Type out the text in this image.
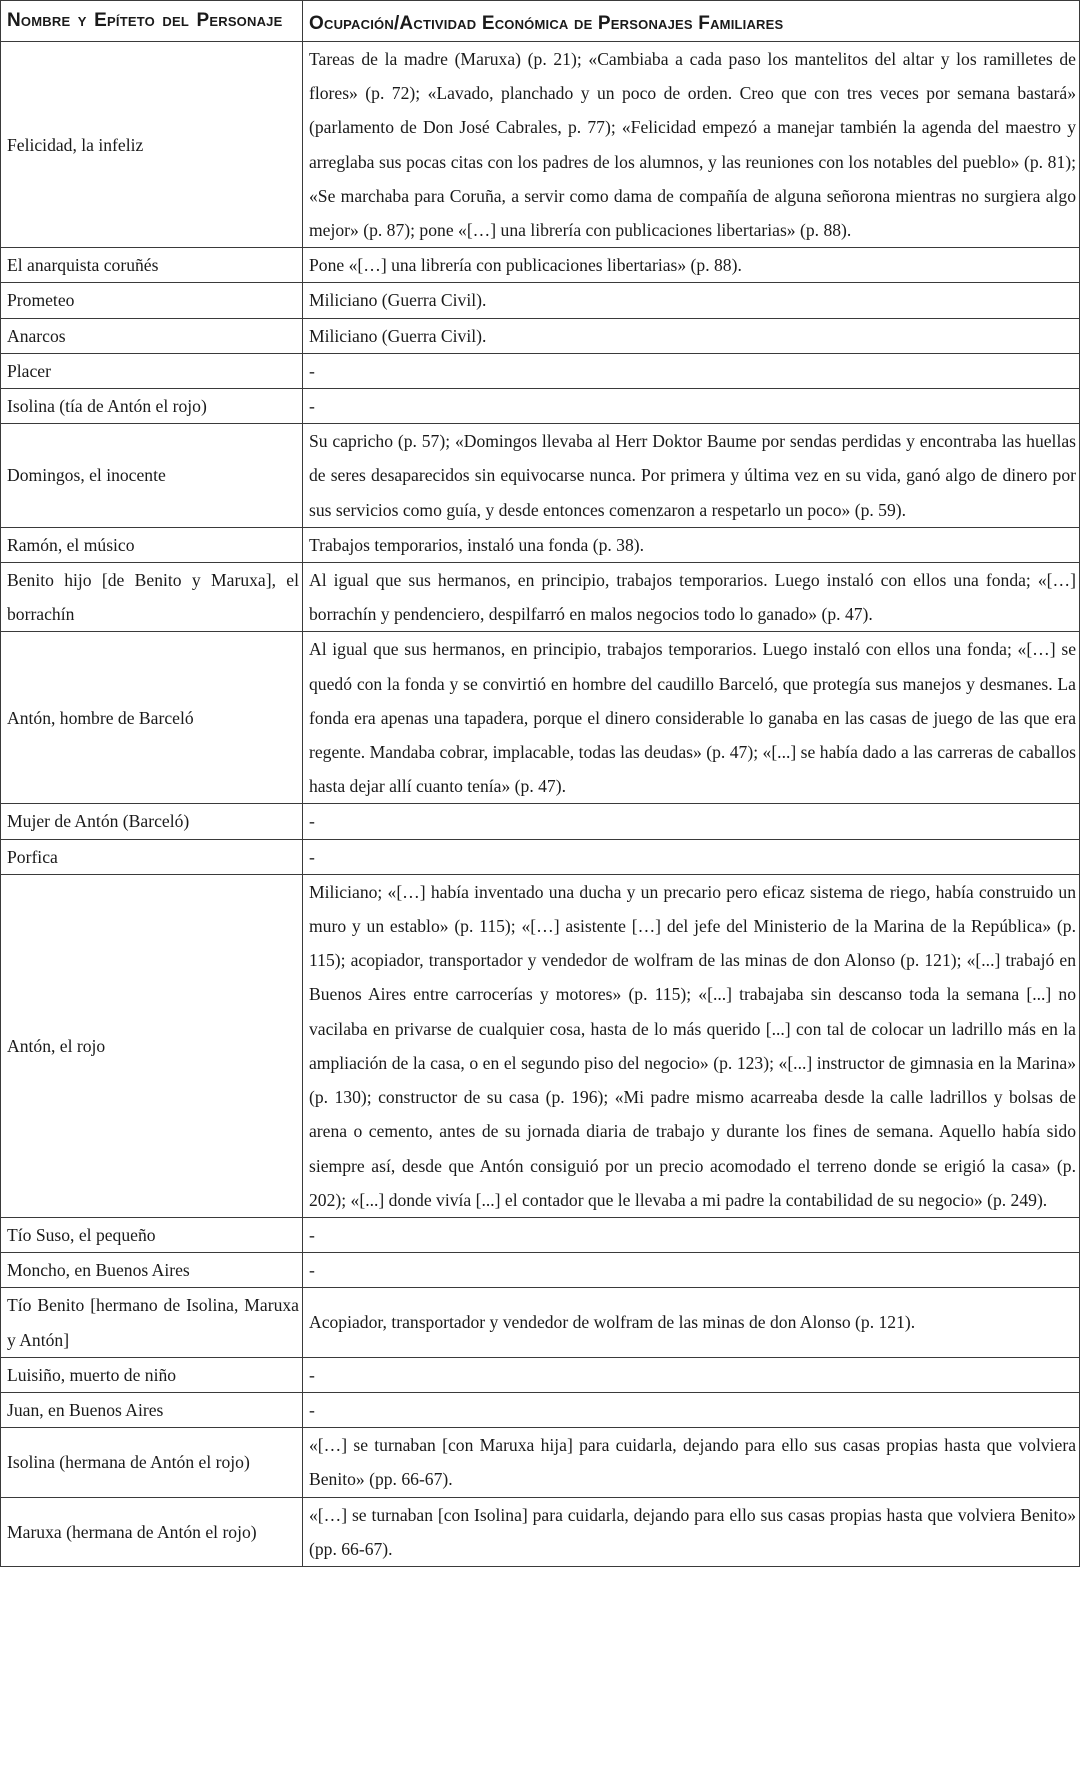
Nombre y Epíteto del Personaje	Ocupación/Actividad Económica de Personajes Familiares
Felicidad, la infeliz	Tareas de la madre (Maruxa) (p. 21); «Cambiaba a cada paso los mantelitos del altar y los ramilletes de flores» (p. 72); «Lavado, planchado y un poco de orden. Creo que con tres veces por semana bastará» (parlamento de Don José Cabrales, p. 77); «Felicidad empezó a manejar también la agenda del maestro y arreglaba sus pocas citas con los padres de los alumnos, y las reuniones con los notables del pueblo» (p. 81); «Se marchaba para Coruña, a servir como dama de compañía de alguna señorona mientras no surgiera algo mejor» (p. 87); pone «[…] una librería con publicaciones libertarias» (p. 88).
El anarquista coruñés	Pone «[…] una librería con publicaciones libertarias» (p. 88).
Prometeo	Miliciano (Guerra Civil).
Anarcos	Miliciano (Guerra Civil).
Placer	-
Isolina (tía de Antón el rojo)	-
Domingos, el inocente	Su capricho (p. 57); «Domingos llevaba al Herr Doktor Baume por sendas perdidas y encontraba las huellas de seres desaparecidos sin equivocarse nunca. Por primera y última vez en su vida, ganó algo de dinero por sus servicios como guía, y desde entonces comenzaron a respetarlo un poco» (p. 59).
Ramón, el músico	Trabajos temporarios, instaló una fonda (p. 38).
Benito hijo [de Benito y Maruxa], el borrachín	Al igual que sus hermanos, en principio, trabajos temporarios. Luego instaló con ellos una fonda; «[…] borrachín y pendenciero, despilfarró en malos negocios todo lo ganado» (p. 47).
Antón, hombre de Barceló	Al igual que sus hermanos, en principio, trabajos temporarios. Luego instaló con ellos una fonda; «[…] se quedó con la fonda y se convirtió en hombre del caudillo Barceló, que protegía sus manejos y desmanes. La fonda era apenas una tapadera, porque el dinero considerable lo ganaba en las casas de juego de las que era regente. Mandaba cobrar, implacable, todas las deudas» (p. 47); «[...] se había dado a las carreras de caballos hasta dejar allí cuanto tenía» (p. 47).
Mujer de Antón (Barceló)	-
Porfica	-
Antón, el rojo	Miliciano; «[…] había inventado una ducha y un precario pero eficaz sistema de riego, había construido un muro y un establo» (p. 115); «[…] asistente […] del jefe del Ministerio de la Marina de la República» (p. 115); acopiador, transportador y vendedor de wolfram de las minas de don Alonso (p. 121); «[...] trabajó en Buenos Aires entre carrocerías y motores» (p. 115); «[...] trabajaba sin descanso toda la semana [...] no vacilaba en privarse de cualquier cosa, hasta de lo más querido [...] con tal de colocar un ladrillo más en la ampliación de la casa, o en el segundo piso del negocio» (p. 123); «[...] instructor de gimnasia en la Marina» (p. 130); constructor de su casa (p. 196); «Mi padre mismo acarreaba desde la calle ladrillos y bolsas de arena o cemento, antes de su jornada diaria de trabajo y durante los fines de semana. Aquello había sido siempre así, desde que Antón consiguió por un precio acomodado el terreno donde se erigió la casa» (p. 202); «[...] donde vivía [...] el contador que le llevaba a mi padre la contabilidad de su negocio» (p. 249).
Tío Suso, el pequeño	-
Moncho, en Buenos Aires	-
Tío Benito [hermano de Isolina, Maruxa y Antón]	Acopiador, transportador y vendedor de wolfram de las minas de don Alonso (p. 121).
Luisiño, muerto de niño	-
Juan, en Buenos Aires	-
Isolina (hermana de Antón el rojo)	«[…] se turnaban [con Maruxa hija] para cuidarla, dejando para ello sus casas propias hasta que volviera Benito» (pp. 66-67).
Maruxa (hermana de Antón el rojo)	«[…] se turnaban [con Isolina] para cuidarla, dejando para ello sus casas propias hasta que volviera Benito» (pp. 66-67).
